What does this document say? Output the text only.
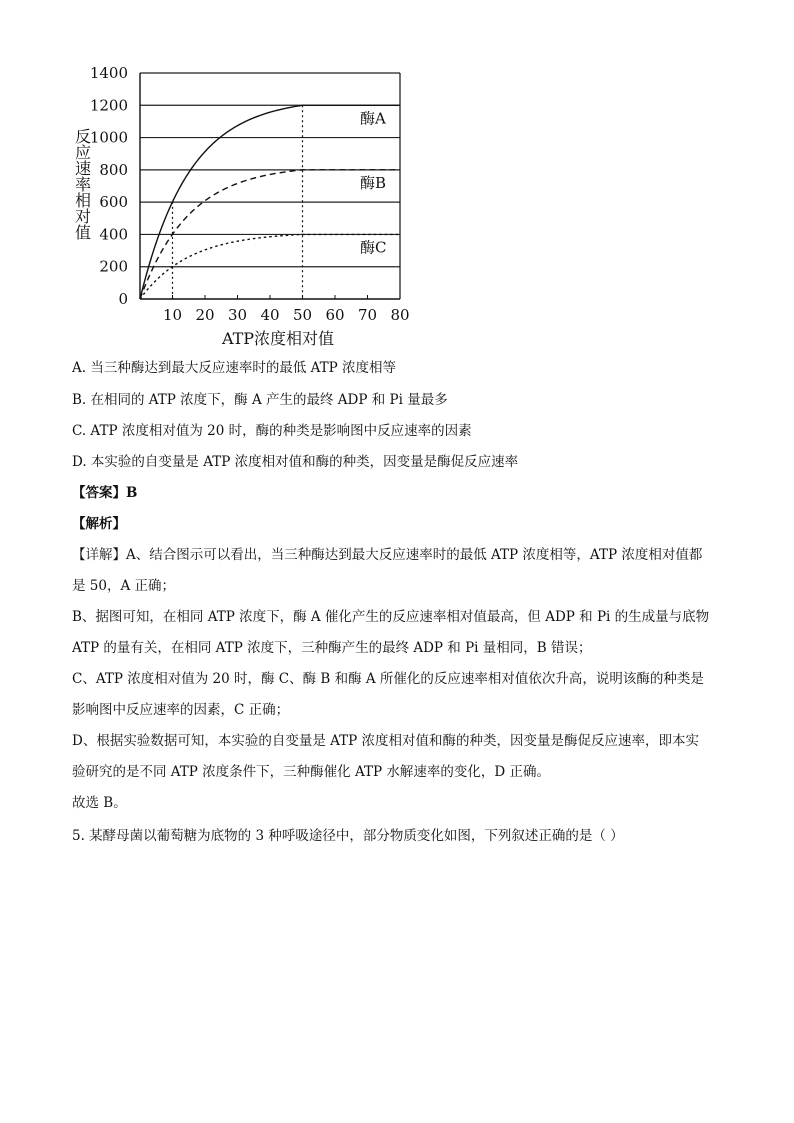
0
200
400
600
800
1000
1200
1400
10 20 30 40 50 60 70 80
酶A
酶B
酶C
ATP浓度相对值
反应速率相对值
A. 当三种酶达到最大反应速率时的最低 ATP 浓度相等
B. 在相同的 ATP 浓度下，酶 A 产生的最终 ADP 和 Pi 量最多
C. ATP 浓度相对值为 20 时，酶的种类是影响图中反应速率的因素
D. 本实验的自变量是 ATP 浓度相对值和酶的种类，因变量是酶促反应速率
【答案】B
【解析】
【详解】A、结合图示可以看出，当三种酶达到最大反应速率时的最低 ATP 浓度相等，ATP 浓度相对值都
是 50，A 正确；
B、据图可知，在相同 ATP 浓度下，酶 A 催化产生的反应速率相对值最高，但 ADP 和 Pi 的生成量与底物
ATP 的量有关，在相同 ATP 浓度下，三种酶产生的最终 ADP 和 Pi 量相同，B 错误；
C、ATP 浓度相对值为 20 时，酶 C、酶 B 和酶 A 所催化的反应速率相对值依次升高，说明该酶的种类是
影响图中反应速率的因素，C 正确；
D、根据实验数据可知，本实验的自变量是 ATP 浓度相对值和酶的种类，因变量是酶促反应速率，即本实
验研究的是不同 ATP 浓度条件下，三种酶催化 ATP 水解速率的变化，D 正确。
故选 B。
5. 某酵母菌以葡萄糖为底物的 3 种呼吸途径中，部分物质变化如图，下列叙述正确的是（ ）
